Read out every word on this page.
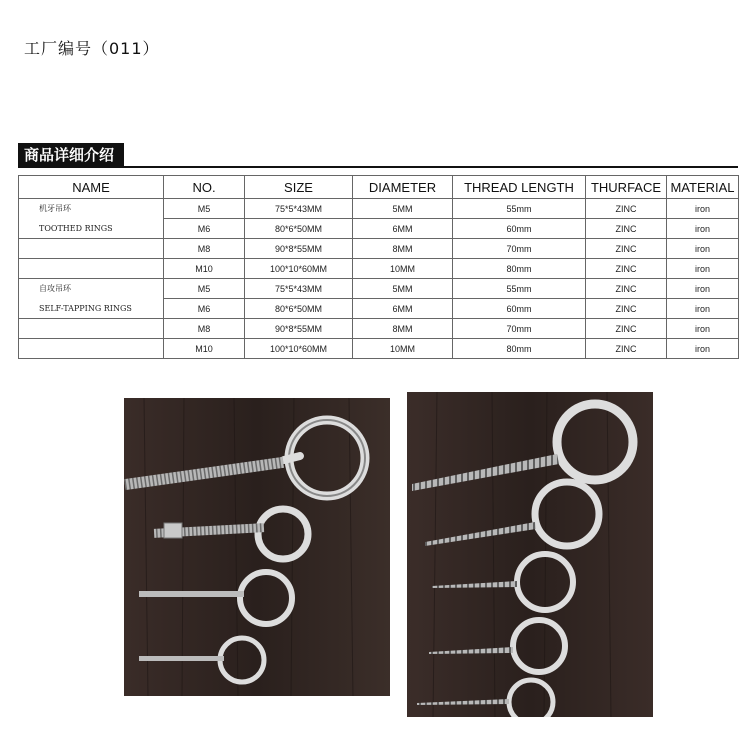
工厂编号（011）
商品详细介绍
NAME	NO.	SIZE	DIAMETER	THREAD LENGTH	THURFACE	MATERIAL
机牙吊环	M5	75*5*43MM	5MM	55mm	ZINC	iron
TOOTHED RINGS	M6	80*6*50MM	6MM	60mm	ZINC	iron
	M8	90*8*55MM	8MM	70mm	ZINC	iron
	M10	100*10*60MM	10MM	80mm	ZINC	iron
自攻吊环	M5	75*5*43MM	5MM	55mm	ZINC	iron
SELF-TAPPING RINGS	M6	80*6*50MM	6MM	60mm	ZINC	iron
	M8	90*8*55MM	8MM	70mm	ZINC	iron
	M10	100*10*60MM	10MM	80mm	ZINC	iron
